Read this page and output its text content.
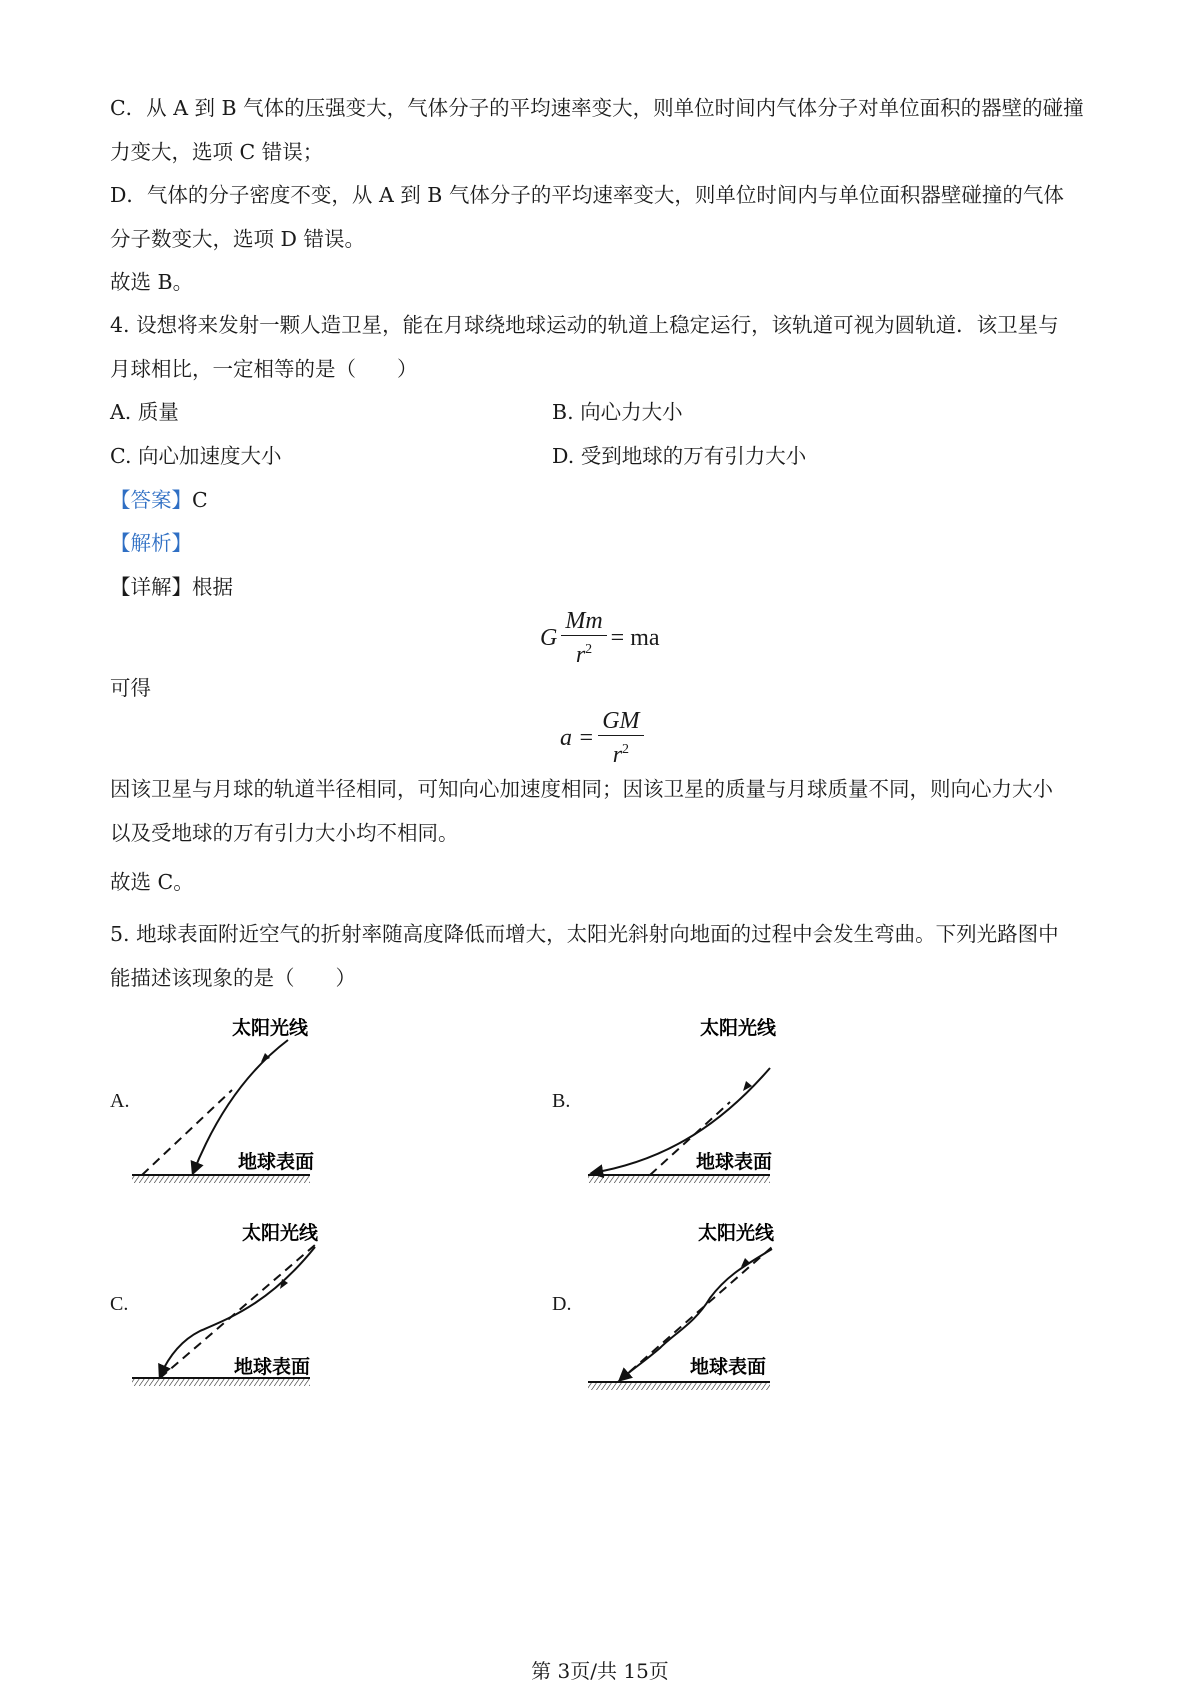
C．从 A 到 B 气体的压强变大，气体分子的平均速率变大，则单位时间内气体分子对单位面积的器壁的碰撞
力变大，选项 C 错误；
D．气体的分子密度不变，从 A 到 B 气体分子的平均速率变大，则单位时间内与单位面积器壁碰撞的气体
分子数变大，选项 D 错误。
故选 B。
4. 设想将来发射一颗人造卫星，能在月球绕地球运动的轨道上稳定运行，该轨道可视为圆轨道．该卫星与
月球相比，一定相等的是（　　）
A. 质量	B. 向心力大小
C. 向心加速度大小	D. 受到地球的万有引力大小
【答案】C
【解析】
【详解】根据
G $\frac{Mm}{r^2}$ = ma
可得
$a = \frac{GM}{r^2}$
因该卫星与月球的轨道半径相同，可知向心加速度相同；因该卫星的质量与月球质量不同，则向心力大小
以及受地球的万有引力大小均不相同。
故选 C。
5. 地球表面附近空气的折射率随高度降低而增大，太阳光斜射向地面的过程中会发生弯曲。下列光路图中
能描述该现象的是（　　）
A.	B.
C.	D.
太阳光线
地球表面
太阳光线
地球表面
太阳光线
地球表面
太阳光线
地球表面
第 3页/共 15页
